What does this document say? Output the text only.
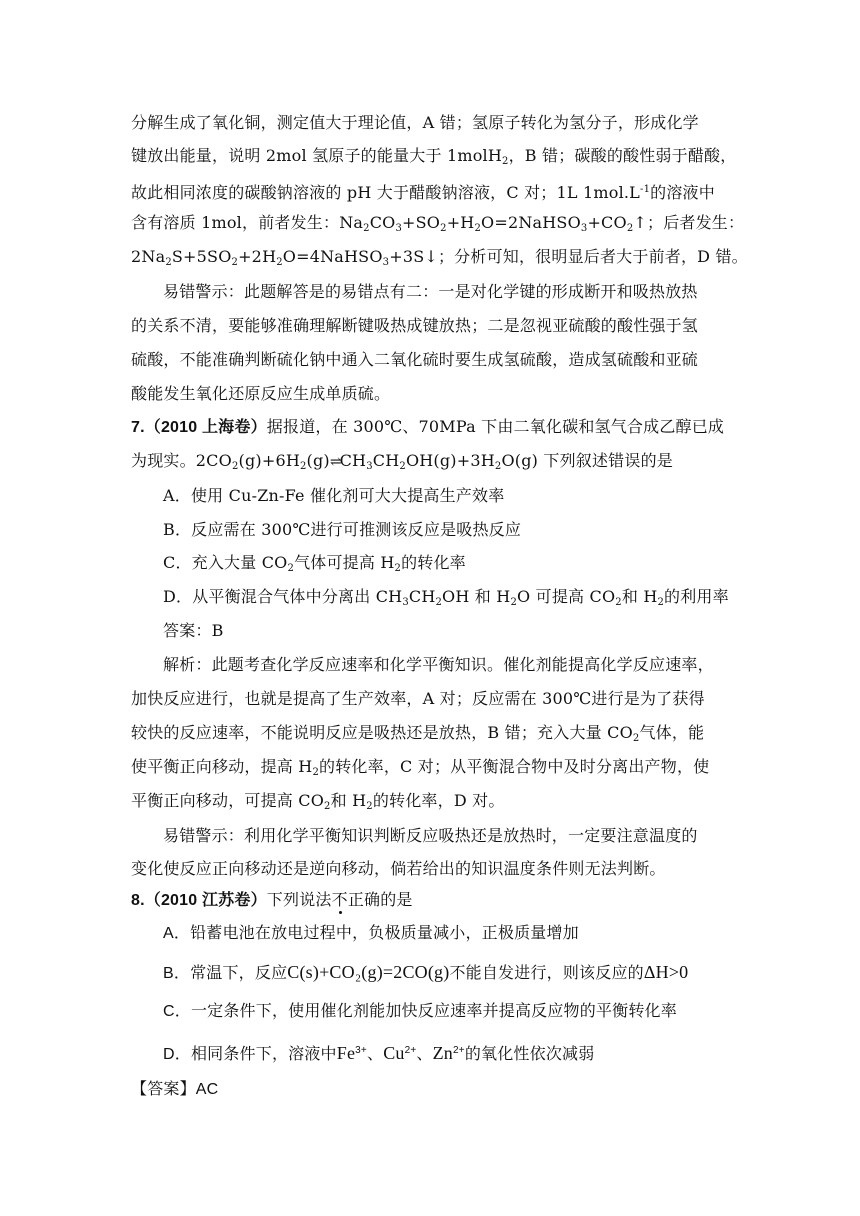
分解生成了氧化铜，测定值大于理论值，A 错；氢原子转化为氢分子，形成化学
键放出能量，说明 2mol 氢原子的能量大于 1molH$_2$，B 错；碳酸的酸性弱于醋酸，
故此相同浓度的碳酸钠溶液的 pH 大于醋酸钠溶液，C 对；1L $1mol.L^{-1}$的溶液中
含有溶质 1mol，前者发生：$Na_2CO_3+SO_2+H_2O=2NaHSO_3+CO_2↑$；后者发生：
$2Na_2S+5SO_2+2H_2O=4NaHSO_3+3S↓$；分析可知，很明显后者大于前者，D 错。
易错警示：此题解答是的易错点有二：一是对化学键的形成断开和吸热放热
的关系不清，要能够准确理解断键吸热成键放热；二是忽视亚硫酸的酸性强于氢
硫酸，不能准确判断硫化钠中通入二氧化硫时要生成氢硫酸，造成氢硫酸和亚硫
酸能发生氧化还原反应生成单质硫。
7.（2010 上海卷）据报道，在 300℃、70MPa 下由二氧化碳和氢气合成乙醇已成
为现实。$2CO_2(g)+6H_2(g)\rightleftharpoons CH_3CH_2OH(g)+3H_2O(g)$ 下列叙述错误的是
A．使用 Cu-Zn-Fe 催化剂可大大提高生产效率
B．反应需在 300℃进行可推测该反应是吸热反应
C．充入大量 $CO_2$气体可提高 $H_2$的转化率
D．从平衡混合气体中分离出 $CH_3CH_2OH$ 和 $H_2O$ 可提高 $CO_2$和 $H_2$的利用率
答案：B
解析：此题考查化学反应速率和化学平衡知识。催化剂能提高化学反应速率，
加快反应进行，也就是提高了生产效率，A 对；反应需在 300℃进行是为了获得
较快的反应速率，不能说明反应是吸热还是放热，B 错；充入大量 $CO_2$气体，能
使平衡正向移动，提高 $H_2$的转化率，C 对；从平衡混合物中及时分离出产物，使
平衡正向移动，可提高 $CO_2$和 $H_2$的转化率，D 对。
易错警示：利用化学平衡知识判断反应吸热还是放热时，一定要注意温度的
变化使反应正向移动还是逆向移动，倘若给出的知识温度条件则无法判断。
8.（2010 江苏卷）下列说法不正确的是
A．铅蓄电池在放电过程中，负极质量减小，正极质量增加
B．常温下，反应C(s)+CO₂(g)=2CO(g)不能自发进行，则该反应的ΔH>0
C．一定条件下，使用催化剂能加快反应速率并提高反应物的平衡转化率
D．相同条件下，溶液中$Fe^{3+}$、$Cu^{2+}$、$Zn^{2+}$的氧化性依次减弱
【答案】AC
